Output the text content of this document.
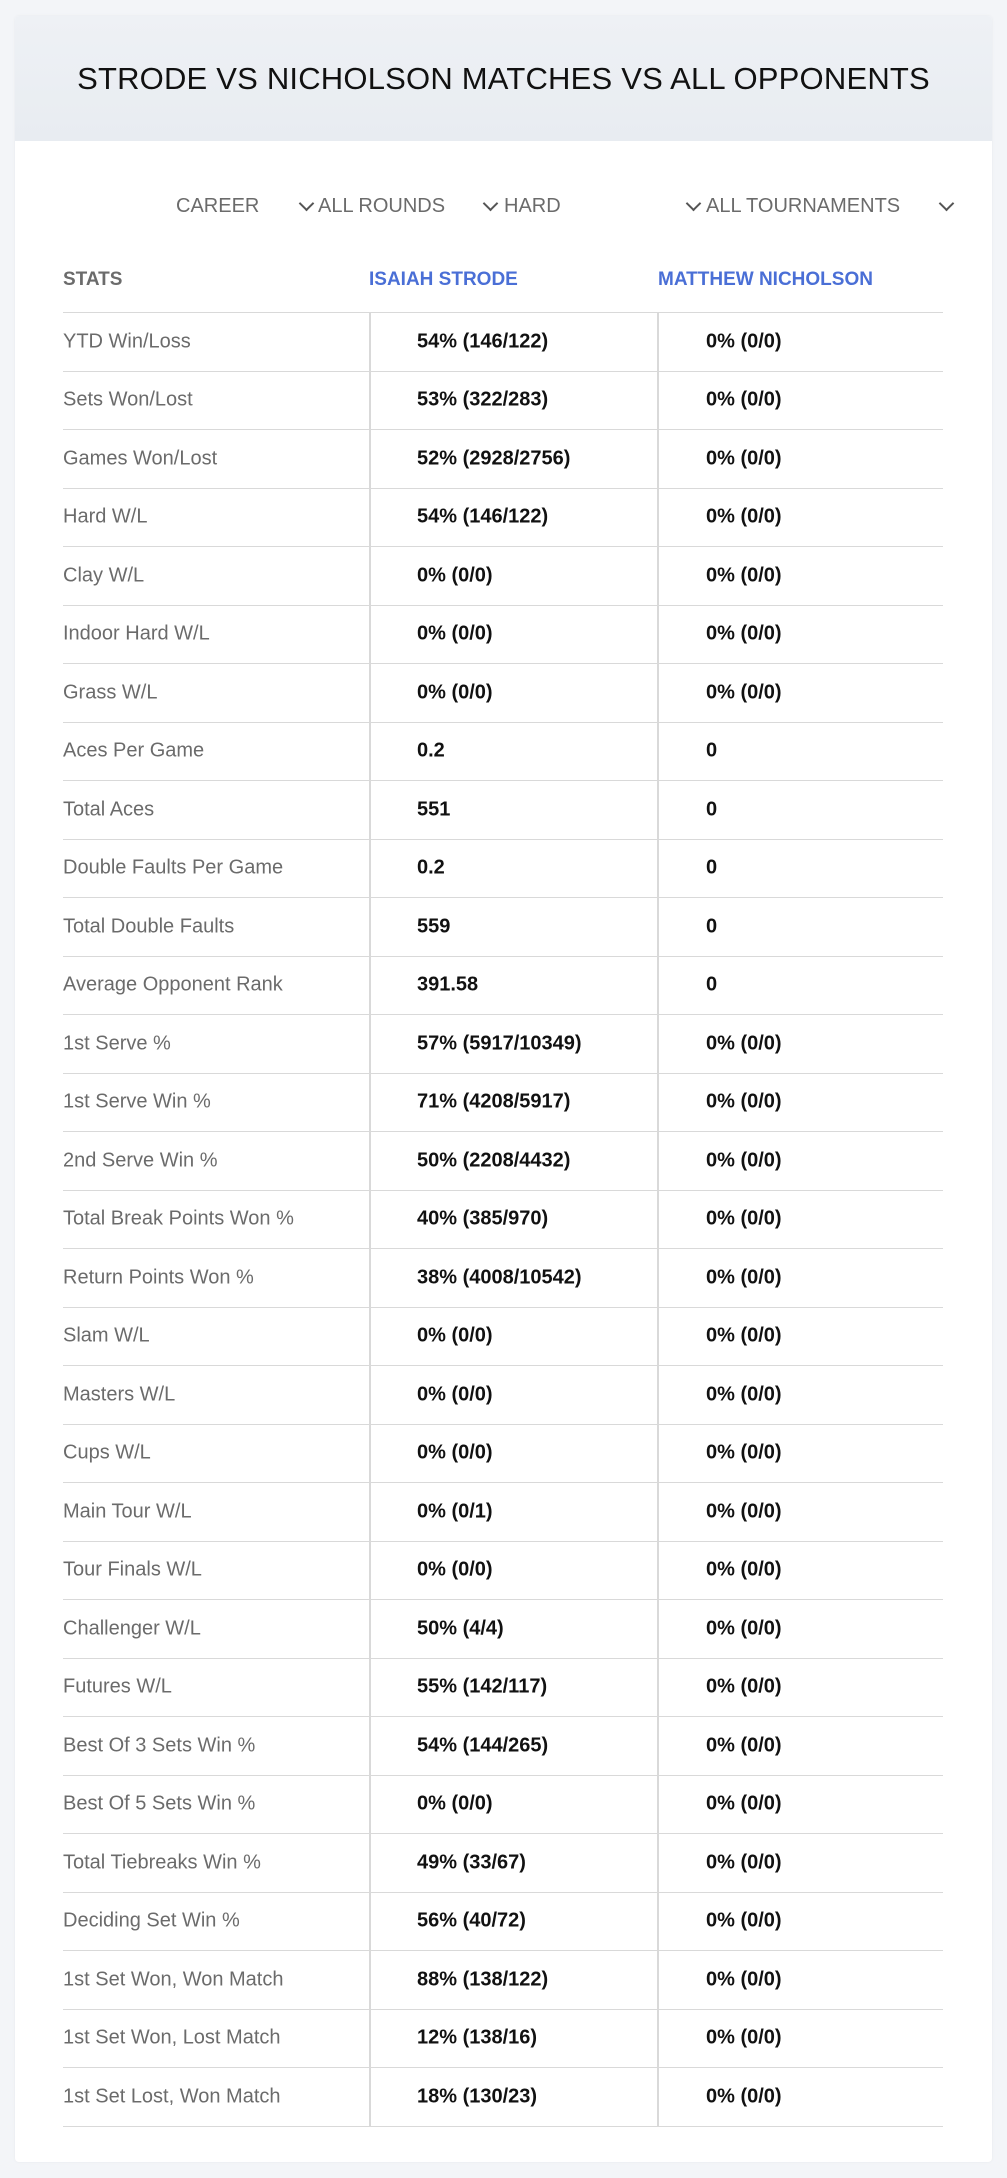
STRODE VS NICHOLSON MATCHES VS ALL OPPONENTS
CAREER	ALL ROUNDS	HARD	ALL TOURNAMENTS
STATS	ISAIAH STRODE	MATTHEW NICHOLSON
YTD Win/Loss	54% (146/122)	0% (0/0)
Sets Won/Lost	53% (322/283)	0% (0/0)
Games Won/Lost	52% (2928/2756)	0% (0/0)
Hard W/L	54% (146/122)	0% (0/0)
Clay W/L	0% (0/0)	0% (0/0)
Indoor Hard W/L	0% (0/0)	0% (0/0)
Grass W/L	0% (0/0)	0% (0/0)
Aces Per Game	0.2	0
Total Aces	551	0
Double Faults Per Game	0.2	0
Total Double Faults	559	0
Average Opponent Rank	391.58	0
1st Serve %	57% (5917/10349)	0% (0/0)
1st Serve Win %	71% (4208/5917)	0% (0/0)
2nd Serve Win %	50% (2208/4432)	0% (0/0)
Total Break Points Won %	40% (385/970)	0% (0/0)
Return Points Won %	38% (4008/10542)	0% (0/0)
Slam W/L	0% (0/0)	0% (0/0)
Masters W/L	0% (0/0)	0% (0/0)
Cups W/L	0% (0/0)	0% (0/0)
Main Tour W/L	0% (0/1)	0% (0/0)
Tour Finals W/L	0% (0/0)	0% (0/0)
Challenger W/L	50% (4/4)	0% (0/0)
Futures W/L	55% (142/117)	0% (0/0)
Best Of 3 Sets Win %	54% (144/265)	0% (0/0)
Best Of 5 Sets Win %	0% (0/0)	0% (0/0)
Total Tiebreaks Win %	49% (33/67)	0% (0/0)
Deciding Set Win %	56% (40/72)	0% (0/0)
1st Set Won, Won Match	88% (138/122)	0% (0/0)
1st Set Won, Lost Match	12% (138/16)	0% (0/0)
1st Set Lost, Won Match	18% (130/23)	0% (0/0)
